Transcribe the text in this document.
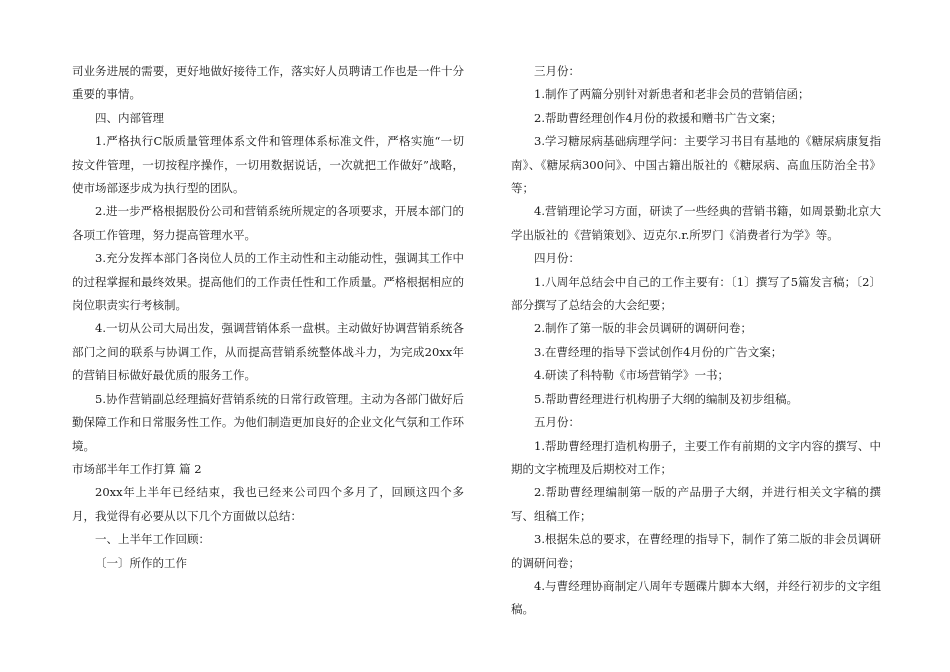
司业务进展的需要，更好地做好接待工作，落实好人员聘请工作也是一件十分重要的事情。

四、内部管理

1.严格执行C版质量管理体系文件和管理体系标准文件，严格实施“一切按文件管理，一切按程序操作，一切用数据说话，一次就把工作做好”战略，使市场部逐步成为执行型的团队。

2.进一步严格根据股份公司和营销系统所规定的各项要求，开展本部门的各项工作管理，努力提高管理水平。

3.充分发挥本部门各岗位人员的工作主动性和主动能动性，强调其工作中的过程掌握和最终效果。提高他们的工作责任性和工作质量。严格根据相应的岗位职责实行考核制。

4.一切从公司大局出发，强调营销体系一盘棋。主动做好协调营销系统各部门之间的联系与协调工作，从而提高营销系统整体战斗力，为完成20xx年的营销目标做好最优质的服务工作。

5.协作营销副总经理搞好营销系统的日常行政管理。主动为各部门做好后勤保障工作和日常服务性工作。为他们制造更加良好的企业文化气氛和工作环境。

市场部半年工作打算 篇 2

20xx年上半年已经结束，我也已经来公司四个多月了，回顾这四个多月，我觉得有必要从以下几个方面做以总结：

一、上半年工作回顾：

〔一〕所作的工作

三月份：

1.制作了两篇分别针对新患者和老非会员的营销信函；

2.帮助曹经理创作4月份的救援和赠书广告文案；

3.学习糖尿病基础病理学问：主要学习书目有基地的《糖尿病康复指南》、《糖尿病300问》、中国古籍出版社的《糖尿病、高血压防治全书》等；

4.营销理论学习方面，研读了一些经典的营销书籍，如周景勤北京大学出版社的《营销策划》、迈克尔.r.所罗门《消费者行为学》等。

四月份：

1.八周年总结会中自己的工作主要有：〔1〕撰写了5篇发言稿；〔2〕部分撰写了总结会的大会纪要；

2.制作了第一版的非会员调研的调研问卷；

3.在曹经理的指导下尝试创作4月份的广告文案；

4.研读了科特勒《市场营销学》一书；

5.帮助曹经理进行机构册子大纲的编制及初步组稿。

五月份：

1.帮助曹经理打造机构册子，主要工作有前期的文字内容的撰写、中期的文字梳理及后期校对工作；

2.帮助曹经理编制第一版的产品册子大纲，并进行相关文字稿的撰写、组稿工作；

3.根据朱总的要求，在曹经理的指导下，制作了第二版的非会员调研的调研问卷；

4.与曹经理协商制定八周年专题碟片脚本大纲，并经行初步的文字组稿。
